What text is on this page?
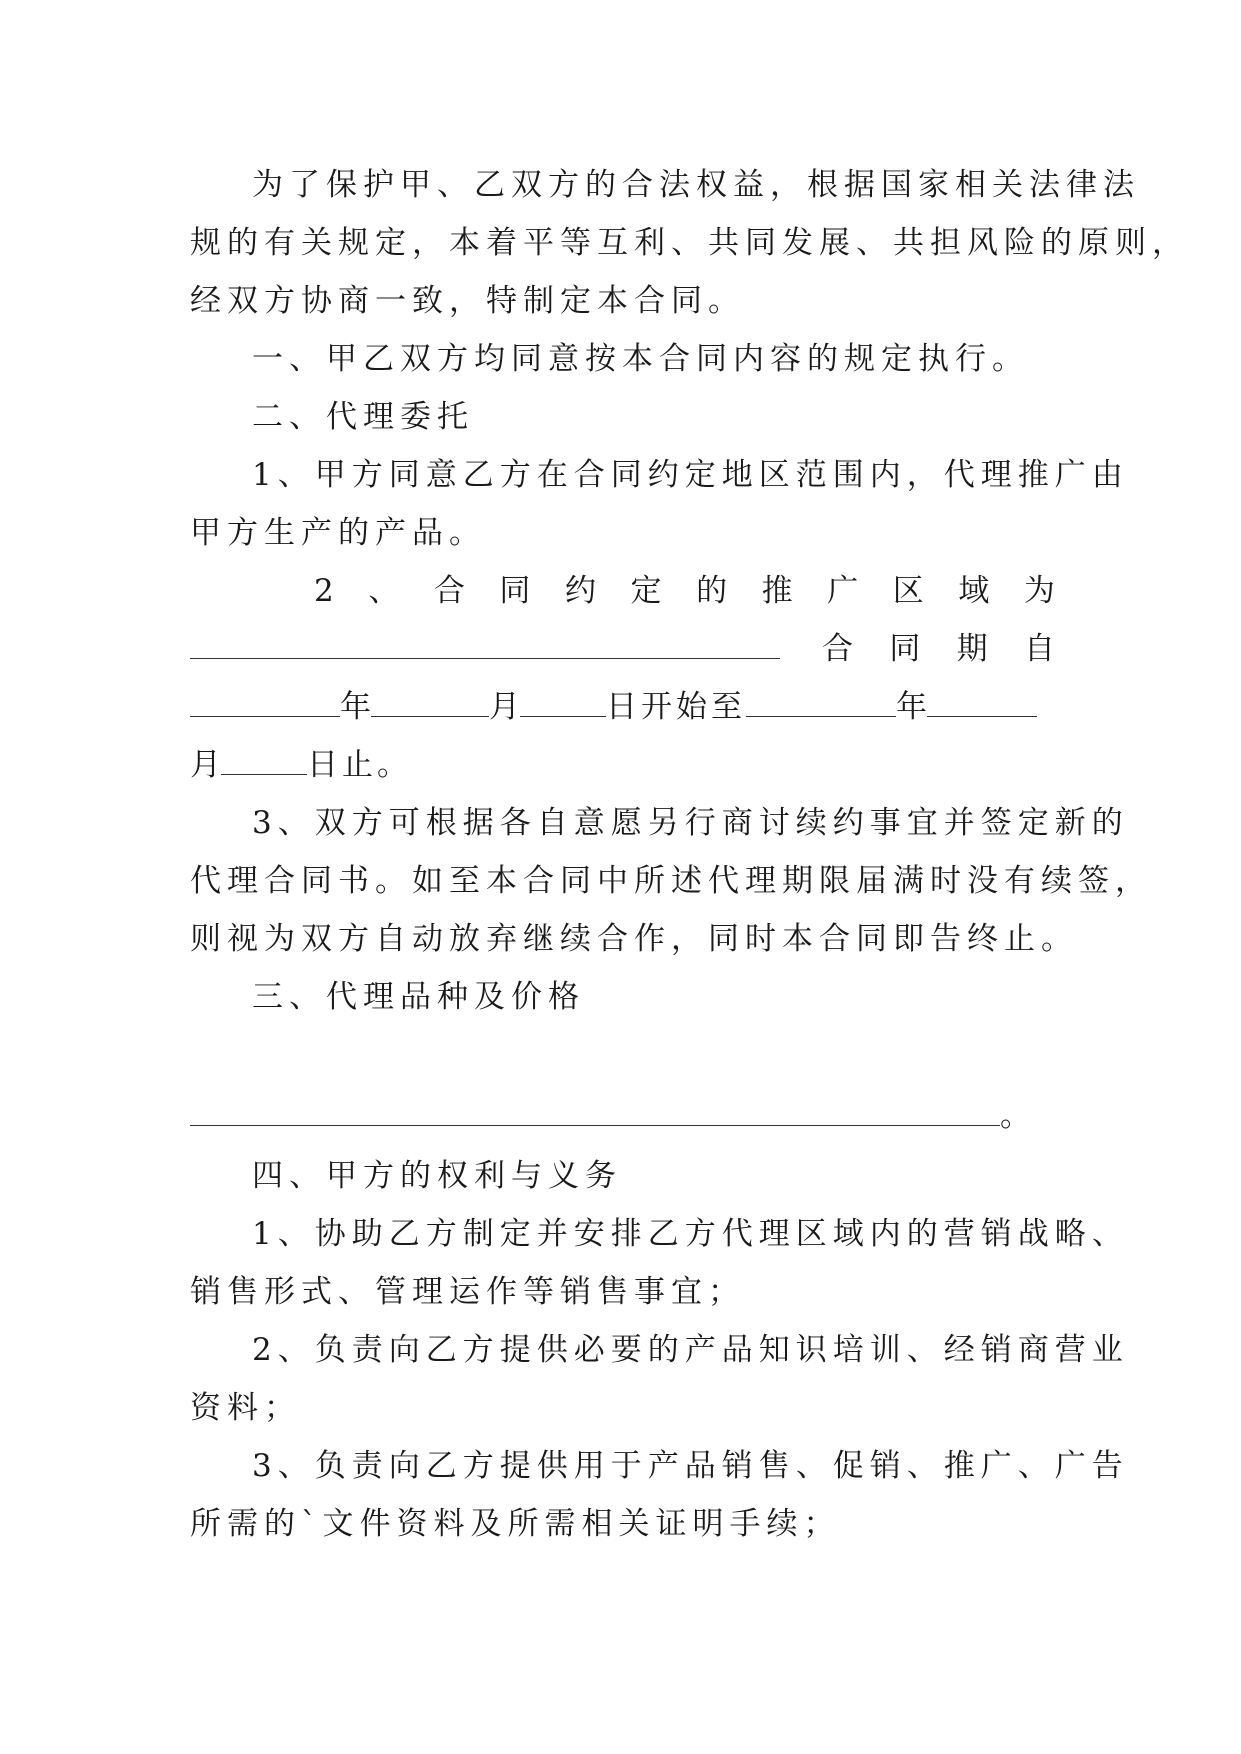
为了保护甲、乙双方的合法权益，根据国家相关法律法
规的有关规定，本着平等互利、共同发展、共担风险的原则，
经双方协商一致，特制定本合同。
一、甲乙双方均同意按本合同内容的规定执行。
二、代理委托
1、甲方同意乙方在合同约定地区范围内，代理推广由
甲方生产的产品。
2 、 合 同 约 定 的 推 广 区 域 为
合 同 期 自
年	月	日开始至	年
月	日止。
3、双方可根据各自意愿另行商讨续约事宜并签定新的
代理合同书。如至本合同中所述代理期限届满时没有续签，
则视为双方自动放弃继续合作，同时本合同即告终止。
三、代理品种及价格
。
四、甲方的权利与义务
1、协助乙方制定并安排乙方代理区域内的营销战略、
销售形式、管理运作等销售事宜；
2、负责向乙方提供必要的产品知识培训、经销商营业
资料；
3、负责向乙方提供用于产品销售、促销、推广、广告
所需的`文件资料及所需相关证明手续；
